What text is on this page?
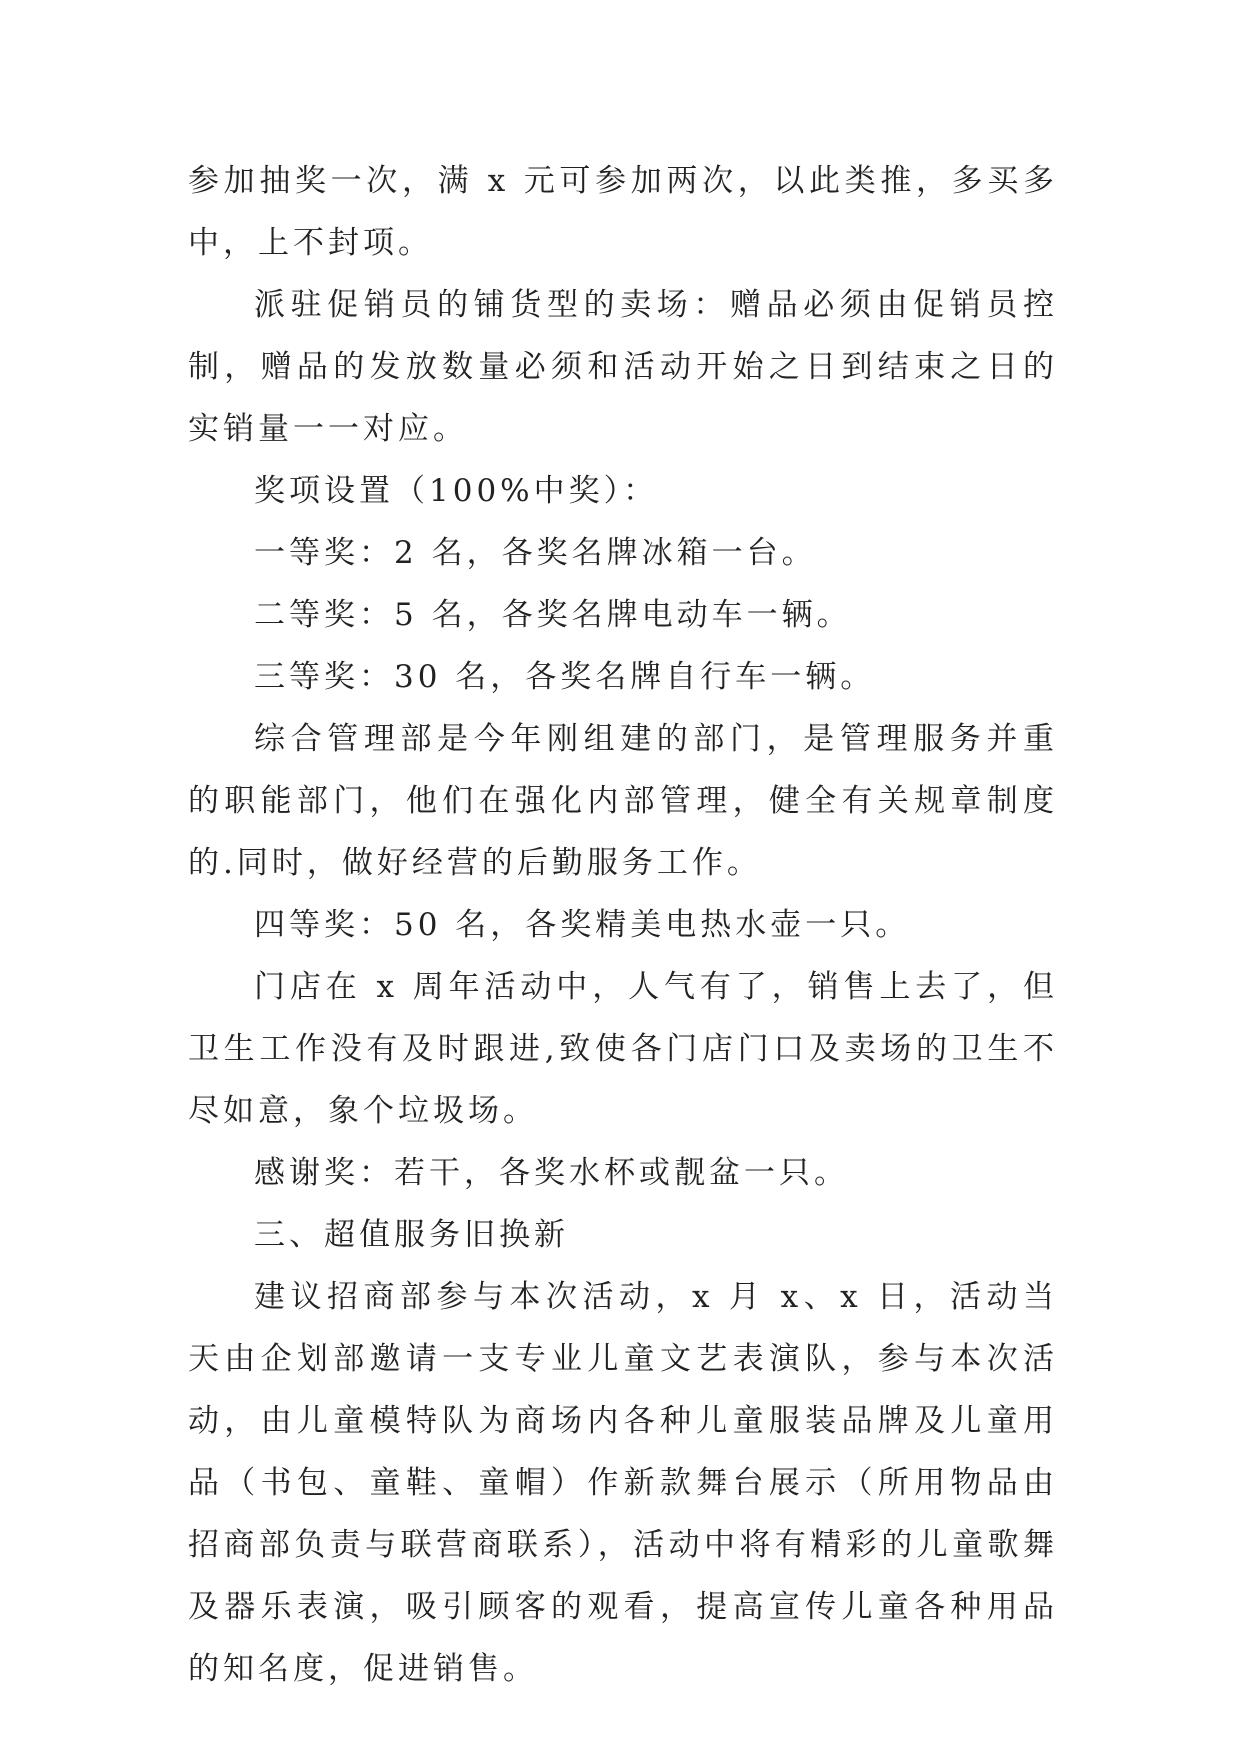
参加抽奖一次，满 x 元可参加两次，以此类推，多买多中，上不封项。

派驻促销员的铺货型的卖场：赠品必须由促销员控制，赠品的发放数量必须和活动开始之日到结束之日的实销量一一对应。

奖项设置（100%中奖）：

一等奖：2 名，各奖名牌冰箱一台。

二等奖：5 名，各奖名牌电动车一辆。

三等奖：30 名，各奖名牌自行车一辆。

综合管理部是今年刚组建的部门，是管理服务并重的职能部门，他们在强化内部管理，健全有关规章制度的.同时，做好经营的后勤服务工作。

四等奖：50 名，各奖精美电热水壶一只。

门店在 x 周年活动中，人气有了，销售上去了，但卫生工作没有及时跟进,致使各门店门口及卖场的卫生不尽如意，象个垃圾场。

感谢奖：若干，各奖水杯或靓盆一只。

三、超值服务旧换新

建议招商部参与本次活动，x 月 x、x 日，活动当天由企划部邀请一支专业儿童文艺表演队，参与本次活动，由儿童模特队为商场内各种儿童服装品牌及儿童用品（书包、童鞋、童帽）作新款舞台展示（所用物品由招商部负责与联营商联系），活动中将有精彩的儿童歌舞及器乐表演，吸引顾客的观看，提高宣传儿童各种用品的知名度，促进销售。
